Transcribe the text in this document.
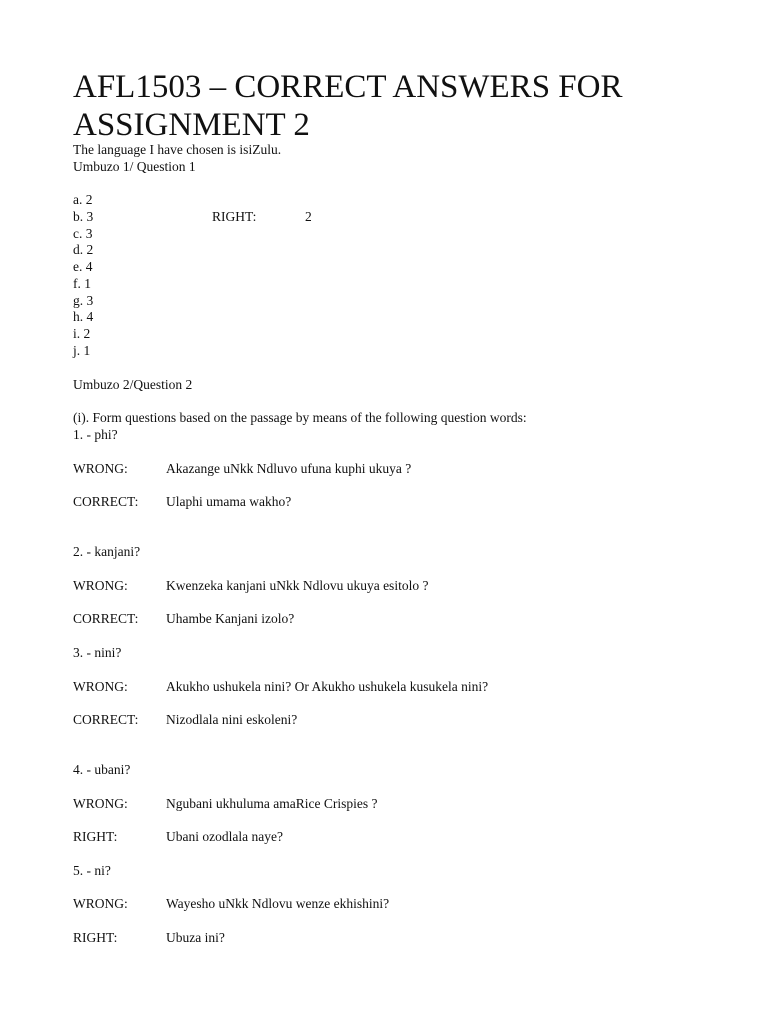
AFL1503 – CORRECT ANSWERS FOR ASSIGNMENT 2
The language I have chosen is isiZulu.
Umbuzo 1/ Question 1
a. 2
b. 3	RIGHT:	2
c. 3
d. 2
e. 4
f. 1
g. 3
h. 4
i. 2
j. 1
Umbuzo 2/Question 2
(i). Form questions based on the passage by means of the following question words:
1. - phi?
WRONG:	Akazange uNkk Ndluvo ufuna kuphi ukuya ?
CORRECT: Ulaphi umama wakho?
2. - kanjani?
WRONG:	Kwenzeka kanjani uNkk Ndlovu ukuya esitolo ?
CORRECT: Uhambe Kanjani izolo?
3. - nini?
WRONG:	Akukho ushukela nini? Or Akukho ushukela kusukela nini?
CORRECT: Nizodlala nini eskoleni?
4. - ubani?
WRONG:	Ngubani ukhuluma amaRice Crispies ?
RIGHT:	Ubani ozodlala naye?
5. - ni?
WRONG:	Wayesho uNkk Ndlovu wenze ekhishini?
RIGHT:	Ubuza ini?
